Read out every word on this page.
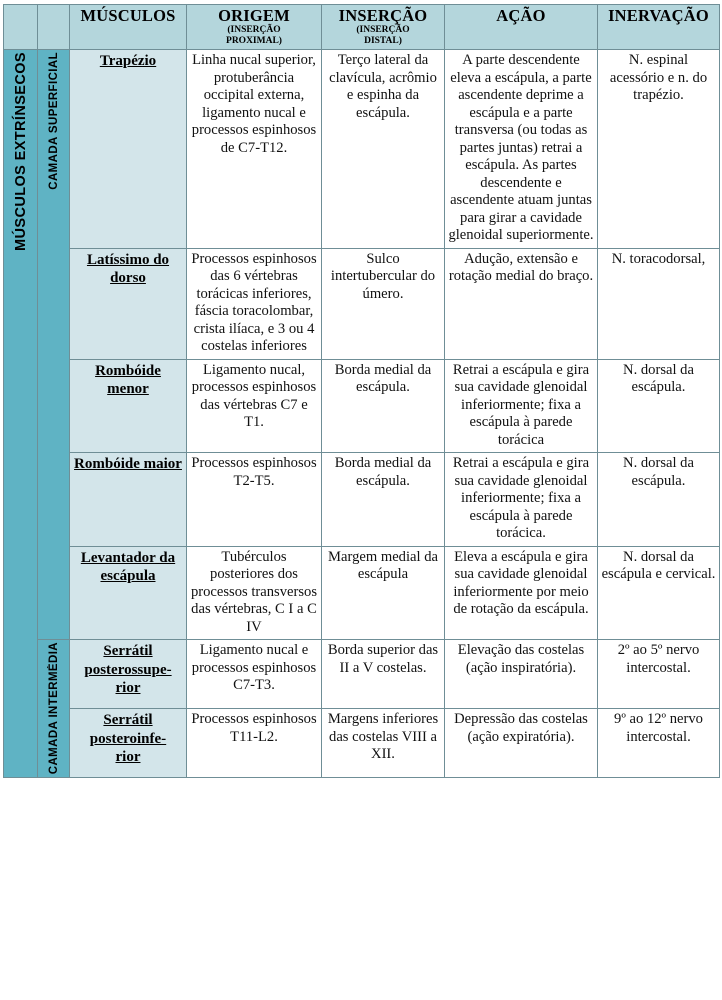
		MÚSCULOS	ORIGEM
(INSERÇÃO
PROXIMAL)	INSERÇÃO
(INSERÇÃO
DISTAL)	AÇÃO	INERVAÇÃO

MÚSCULOS EXTRÍNSECOS	CAMADA SUPERFICIAL	Trapézio	Linha nucal superior, protuberância occipital externa, ligamento nucal e processos espinhosos de C7-T12.	Terço lateral da clavícula, acrômio e espinha da escápula.	A parte descendente eleva a escápula, a parte ascendente deprime a escápula e a parte transversa (ou todas as partes juntas) retrai a escápula. As partes descendente e ascendente atuam juntas para girar a cavidade glenoidal superiormente.	N. espinal acessório e n. do trapézio.
		Latíssimo do dorso	Processos espinhosos das 6 vértebras torácicas inferiores, fáscia toracolombar, crista ilíaca, e 3 ou 4 costelas inferiores	Sulco intertubercular do úmero.	Adução, extensão e rotação medial do braço.	N. toracodorsal,
		Rombóide menor	Ligamento nucal, processos espinhosos das vértebras C7 e T1.	Borda medial da escápula.	Retrai a escápula e gira sua cavidade glenoidal inferiormente; fixa a escápula à parede torácica	N. dorsal da escápula.
		Rombóide maior	Processos espinhosos T2-T5.	Borda medial da escápula.	Retrai a escápula e gira sua cavidade glenoidal inferiormente; fixa a escápula à parede torácica.	N. dorsal da escápula.
		Levantador da escápula	Tubérculos posteriores dos processos transversos das vértebras, C I a C IV	Margem medial da escápula	Eleva a escápula e gira sua cavidade glenoidal inferiormente por meio de rotação da escápula.	N. dorsal da escápula e cervical.

	CAMADA INTERMÉDIA	Serrátil posterossupe-
rior	Ligamento nucal e processos espinhosos C7-T3.	Borda superior das II a V costelas.	Elevação das costelas (ação inspiratória).	2º ao 5º nervo intercostal.
		Serrátil posteroinfe-
rior	Processos espinhosos T11-L2.	Margens inferiores das costelas VIII a XII.	Depressão das costelas (ação expiratória).	9º ao 12º nervo intercostal.
